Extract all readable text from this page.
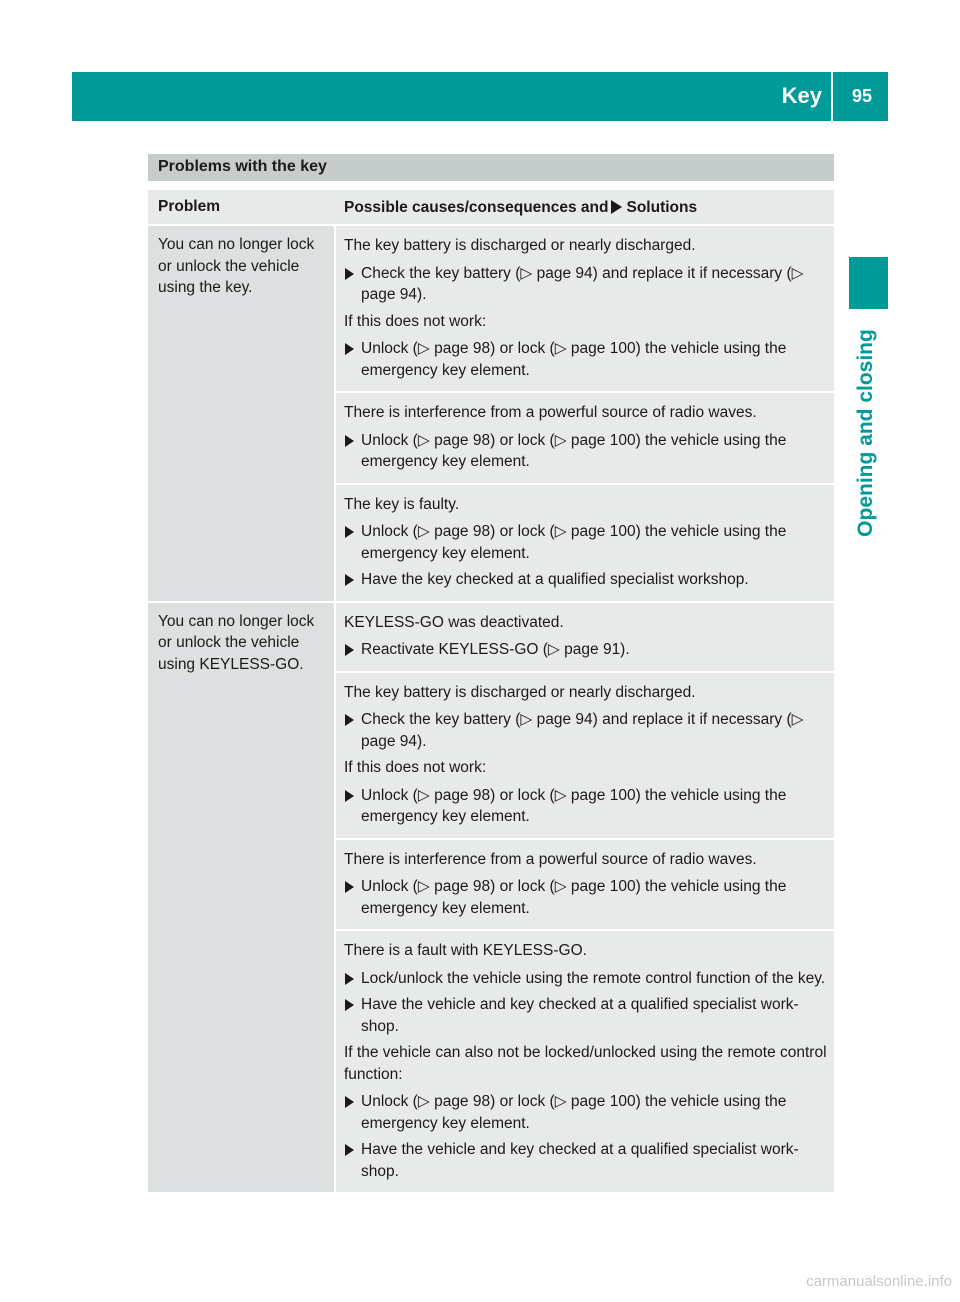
Key 95
Opening and closing
Problems with the key
Problem	Possible causes/consequences and Solutions
You can no longer lock or unlock the vehicle using the key.

The key battery is discharged or nearly discharged.

Check the key battery (▷ page 94) and replace it if necessary (▷ page 94).

If this does not work:

Unlock (▷ page 98) or lock (▷ page 100) the vehicle using the emergency key element.

There is interference from a powerful source of radio waves.

Unlock (▷ page 98) or lock (▷ page 100) the vehicle using the emergency key element.

The key is faulty.

Unlock (▷ page 98) or lock (▷ page 100) the vehicle using the emergency key element.
Have the key checked at a qualified specialist workshop.
You can no longer lock or unlock the vehicle using KEYLESS-GO.

KEYLESS-GO was deactivated.

Reactivate KEYLESS-GO (▷ page 91).

The key battery is discharged or nearly discharged.

Check the key battery (▷ page 94) and replace it if necessary (▷ page 94).

If this does not work:

Unlock (▷ page 98) or lock (▷ page 100) the vehicle using the emergency key element.

There is interference from a powerful source of radio waves.

Unlock (▷ page 98) or lock (▷ page 100) the vehicle using the emergency key element.

There is a fault with KEYLESS-GO.

Lock/unlock the vehicle using the remote control function of the key.
Have the vehicle and key checked at a qualified specialist work-shop.

If the vehicle can also not be locked/unlocked using the remote control function:

Unlock (▷ page 98) or lock (▷ page 100) the vehicle using the emergency key element.
Have the vehicle and key checked at a qualified specialist work-shop.
carmanualsonline.info
